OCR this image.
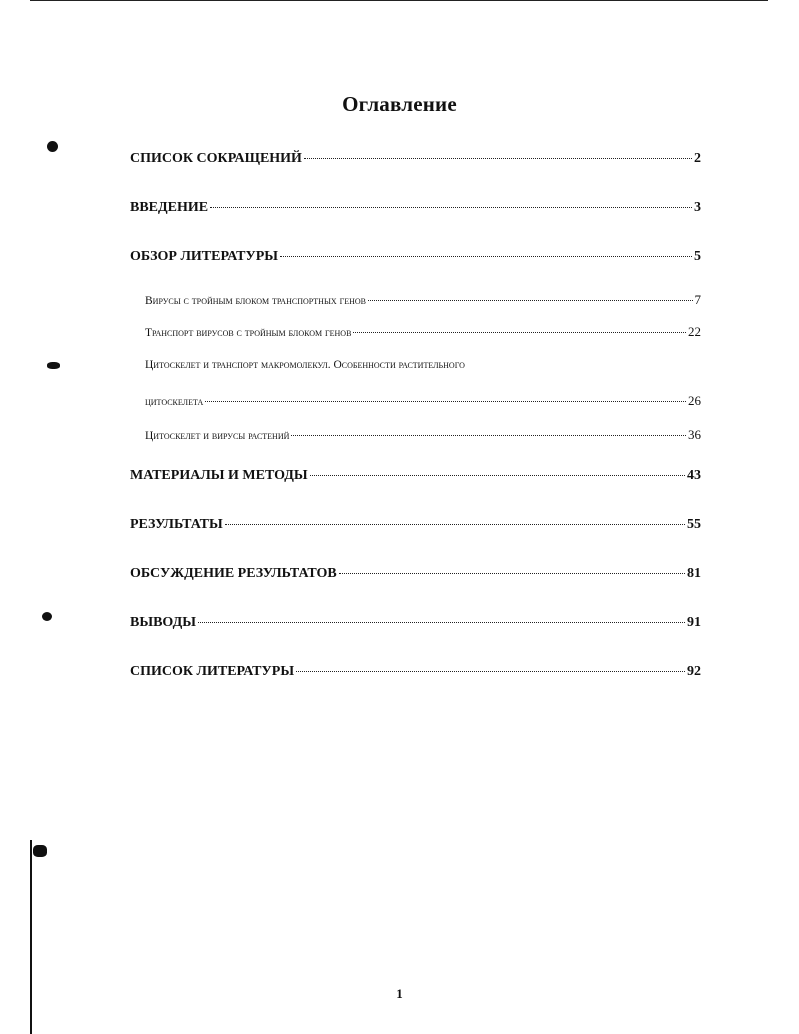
Оглавление
СПИСОК СОКРАЩЕНИЙ	2
ВВЕДЕНИЕ	3
ОБЗОР ЛИТЕРАТУРЫ	5
Вирусы с тройным блоком транспортных генов	7
Транспорт вирусов с тройным блоком генов	22
Цитоскелет и транспорт макромолекул. Особенности растительного
цитоскелета	26
Цитоскелет и вирусы растений	36
МАТЕРИАЛЫ И МЕТОДЫ	43
РЕЗУЛЬТАТЫ	55
ОБСУЖДЕНИЕ РЕЗУЛЬТАТОВ	81
ВЫВОДЫ	91
СПИСОК ЛИТЕРАТУРЫ	92
1
